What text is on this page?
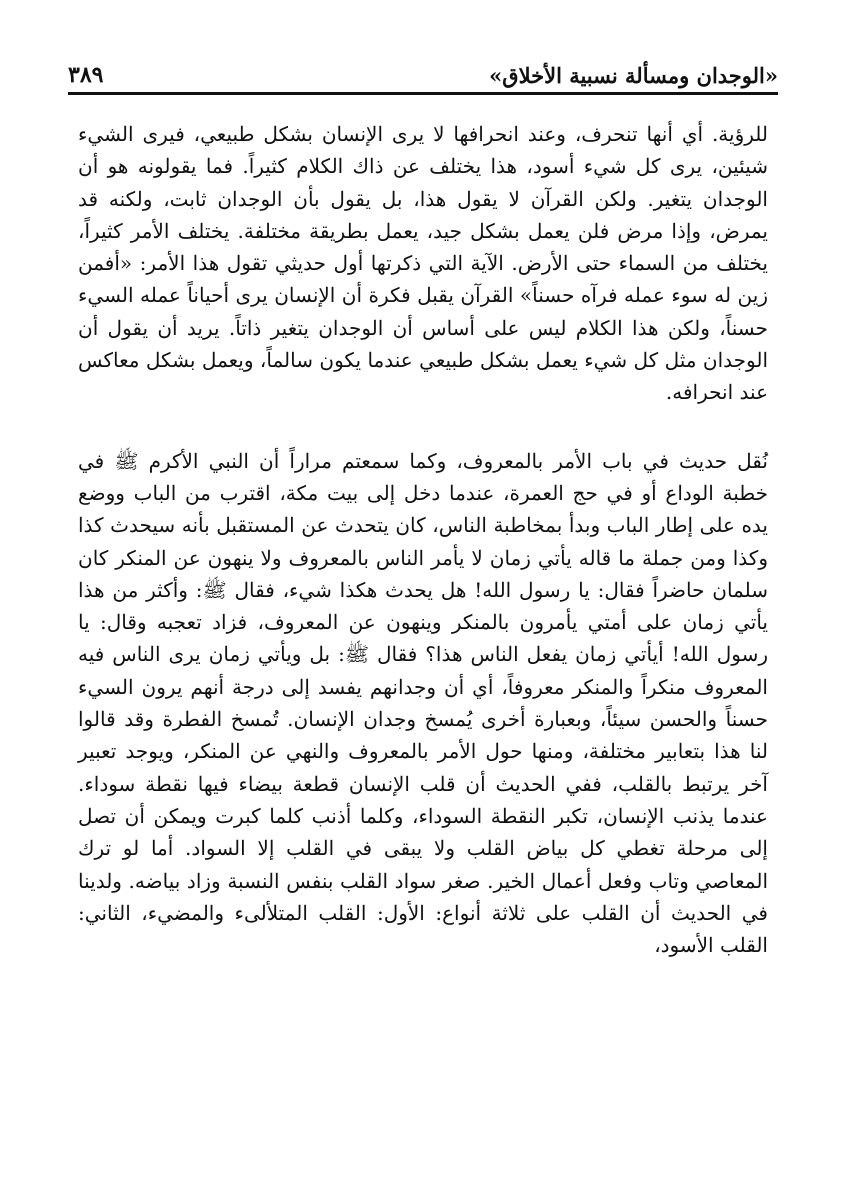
«الوجدان ومسألة نسبية الأخلاق»
٣٨٩

للرؤية. أي أنها تنحرف، وعند انحرافها لا يرى الإنسان بشكل طبيعي، فيرى الشيء شيئين، يرى كل شيء أسود، هذا يختلف عن ذاك الكلام كثيراً. فما يقولونه هو أن الوجدان يتغير. ولكن القرآن لا يقول هذا، بل يقول بأن الوجدان ثابت، ولكنه قد يمرض، وإذا مرض فلن يعمل بشكل جيد، يعمل بطريقة مختلفة. يختلف الأمر كثيراً، يختلف من السماء حتى الأرض. الآية التي ذكرتها أول حديثي تقول هذا الأمر: «أفمن زين له سوء عمله فرآه حسناً» القرآن يقبل فكرة أن الإنسان يرى أحياناً عمله السيء حسناً، ولكن هذا الكلام ليس على أساس أن الوجدان يتغير ذاتاً. يريد أن يقول أن الوجدان مثل كل شيء يعمل بشكل طبيعي عندما يكون سالماً، ويعمل بشكل معاكس عند انحرافه.

نُقل حديث في باب الأمر بالمعروف، وكما سمعتم مراراً أن النبي الأكرم ﷺ في خطبة الوداع أو في حج العمرة، عندما دخل إلى بيت مكة، اقترب من الباب ووضع يده على إطار الباب وبدأ بمخاطبة الناس، كان يتحدث عن المستقبل بأنه سيحدث كذا وكذا ومن جملة ما قاله يأتي زمان لا يأمر الناس بالمعروف ولا ينهون عن المنكر كان سلمان حاضراً فقال: يا رسول الله! هل يحدث هكذا شيء، فقال ﷺ: وأكثر من هذا يأتي زمان على أمتي يأمرون بالمنكر وينهون عن المعروف، فزاد تعجبه وقال: يا رسول الله! أيأتي زمان يفعل الناس هذا؟ فقال ﷺ: بل ويأتي زمان يرى الناس فيه المعروف منكراً والمنكر معروفاً، أي أن وجدانهم يفسد إلى درجة أنهم يرون السيء حسناً والحسن سيئاً، وبعبارة أخرى يُمسخ وجدان الإنسان. تُمسخ الفطرة وقد قالوا لنا هذا بتعابير مختلفة، ومنها حول الأمر بالمعروف والنهي عن المنكر، ويوجد تعبير آخر يرتبط بالقلب، ففي الحديث أن قلب الإنسان قطعة بيضاء فيها نقطة سوداء. عندما يذنب الإنسان، تكبر النقطة السوداء، وكلما أذنب كلما كبرت ويمكن أن تصل إلى مرحلة تغطي كل بياض القلب ولا يبقى في القلب إلا السواد. أما لو ترك المعاصي وتاب وفعل أعمال الخير. صغر سواد القلب بنفس النسبة وزاد بياضه. ولدينا في الحديث أن القلب على ثلاثة أنواع: الأول: القلب المتلألىء والمضيء، الثاني: القلب الأسود،
